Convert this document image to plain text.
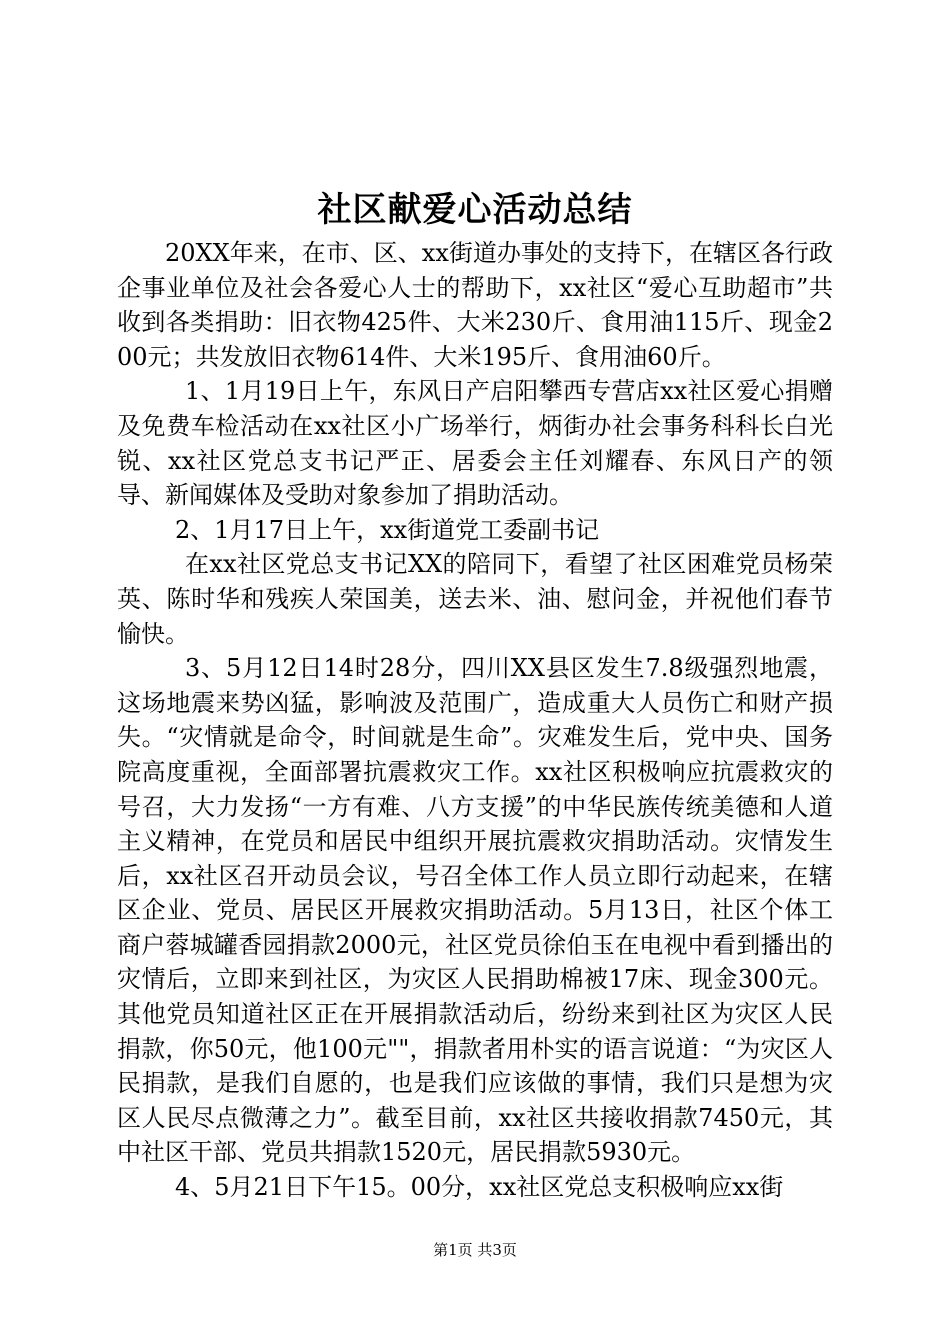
社区献爱心活动总结

20XX年来，在市、区、xx街道办事处的支持下，在辖区各行政企事业单位及社会各爱心人士的帮助下，xx社区“爱心互助超市”共收到各类捐助：旧衣物425件、大米230斤、食用油115斤、现金200元；共发放旧衣物614件、大米195斤、食用油60斤。

1、1月19日上午，东风日产启阳攀西专营店xx社区爱心捐赠及免费车检活动在xx社区小广场举行，炳街办社会事务科科长白光锐、xx社区党总支书记严正、居委会主任刘耀春、东风日产的领导、新闻媒体及受助对象参加了捐助活动。

2、1月17日上午，xx街道党工委副书记

在xx社区党总支书记XX的陪同下，看望了社区困难党员杨荣英、陈时华和残疾人荣国美，送去米、油、慰问金，并祝他们春节愉快。

3、5月12日14时28分，四川XX县区发生7.8级强烈地震，这场地震来势凶猛，影响波及范围广，造成重大人员伤亡和财产损失。“灾情就是命令，时间就是生命”。灾难发生后，党中央、国务院高度重视，全面部署抗震救灾工作。xx社区积极响应抗震救灾的号召，大力发扬“一方有难、八方支援”的中华民族传统美德和人道主义精神，在党员和居民中组织开展抗震救灾捐助活动。灾情发生后，xx社区召开动员会议，号召全体工作人员立即行动起来，在辖区企业、党员、居民区开展救灾捐助活动。5月13日，社区个体工商户蓉城罐香园捐款2000元，社区党员徐伯玉在电视中看到播出的灾情后，立即来到社区，为灾区人民捐助棉被17床、现金300元。其他党员知道社区正在开展捐款活动后，纷纷来到社区为灾区人民捐款，你50元，他100元""，捐款者用朴实的语言说道：“为灾区人民捐款，是我们自愿的，也是我们应该做的事情，我们只是想为灾区人民尽点微薄之力”。截至目前，xx社区共接收捐款7450元，其中社区干部、党员共捐款1520元，居民捐款5930元。

4、5月21日下午15。00分，xx社区党总支积极响应xx街

第1页 共3页
